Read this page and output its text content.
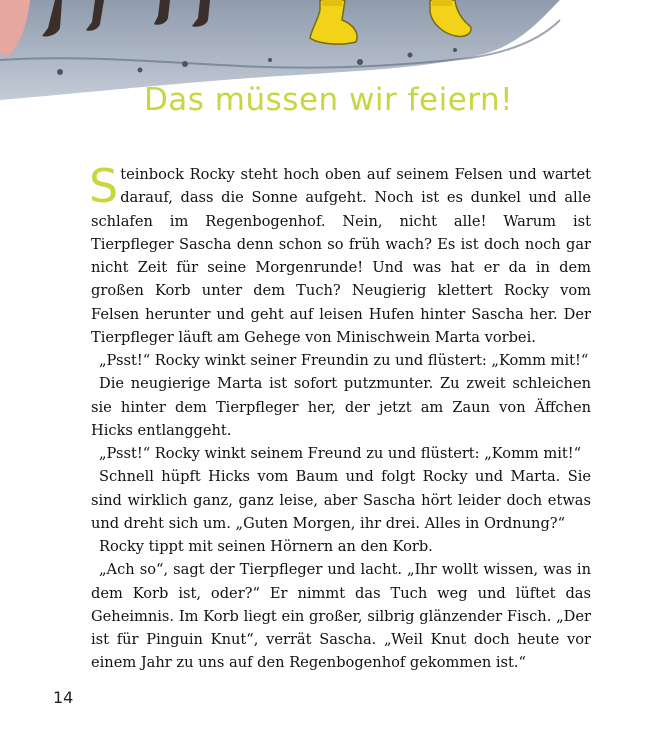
Das müssen wir feiern!

Steinbock Rocky steht hoch oben auf seinem Felsen und wartet darauf, dass die Sonne aufgeht. Noch ist es dunkel und alle schlafen im Regenbogenhof. Nein, nicht alle! Warum ist Tierpfleger Sascha denn schon so früh wach? Es ist doch noch gar nicht Zeit für seine Morgenrunde! Und was hat er da in dem großen Korb unter dem Tuch? Neugierig klettert Rocky vom Felsen herunter und geht auf leisen Hufen hinter Sascha her. Der Tierpfleger läuft am Gehege von Minischwein Marta vorbei.

„Psst!“ Rocky winkt seiner Freundin zu und flüstert: „Komm mit!“

Die neugierige Marta ist sofort putzmunter. Zu zweit schleichen sie hinter dem Tierpfleger her, der jetzt am Zaun von Äffchen Hicks entlanggeht.

„Psst!“ Rocky winkt seinem Freund zu und flüstert: „Komm mit!“

Schnell hüpft Hicks vom Baum und folgt Rocky und Marta. Sie sind wirklich ganz, ganz leise, aber Sascha hört leider doch etwas und dreht sich um. „Guten Morgen, ihr drei. Alles in Ordnung?“

Rocky tippt mit seinen Hörnern an den Korb.

„Ach so“, sagt der Tierpfleger und lacht. „Ihr wollt wissen, was in dem Korb ist, oder?“ Er nimmt das Tuch weg und lüftet das Geheimnis. Im Korb liegt ein großer, silbrig glänzender Fisch. „Der ist für Pinguin Knut“, verrät Sascha. „Weil Knut doch heute vor einem Jahr zu uns auf den Regenbogenhof gekommen ist.“

14
